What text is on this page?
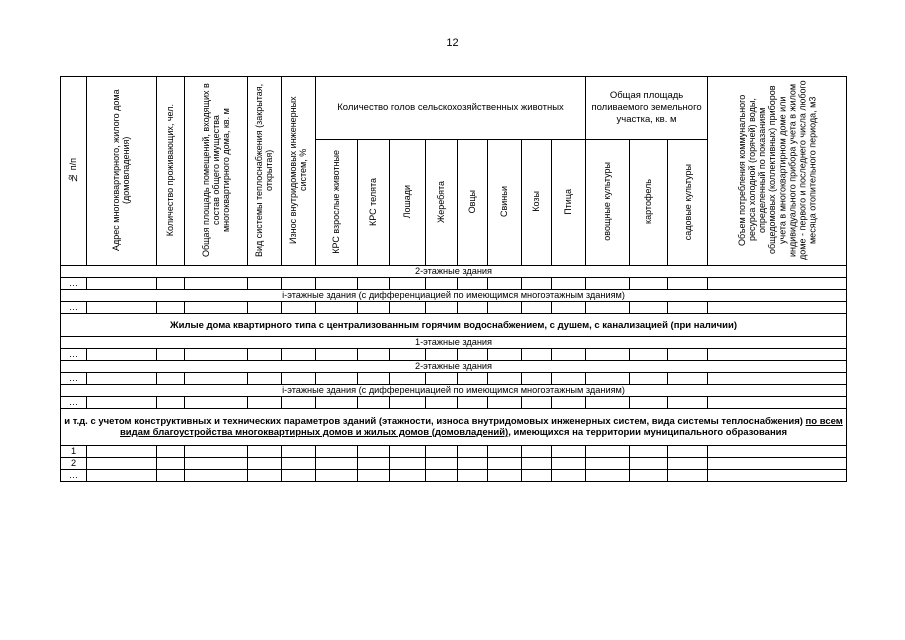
12
№ п/п	Адрес многоквартирного, жилого дома (домовладения)	Количество проживающих, чел.	Общая площадь помещений, входящих в состав общего имущества многоквартирного дома, кв. м	Вид системы теплоснабжения (закрытая, открытая)	Износ внутридомовых инженерных систем, %	Количество голов сельскохозяйственных животных								Общая площадь поливаемого земельного участка, кв. м			Объем потребления коммунального ресурса холодной (горячей) воды, определенный по показаниям общедомовых (коллективных) приборов учета в многоквартирном доме или индивидуального прибора учета в жилом доме - первого и последнего числа любого месяца отопительного периода, м3
						КРС взрослые животные	КРС телята	Лошади	Жеребята	Овцы	Свиньи	Козы	Птица	овощные культуры	картофель	садовые культуры	
2-этажные здания																	
…																	
i-этажные здания (с дифференциацией по имеющимся многоэтажным зданиям)																	
…																	
Жилые дома квартирного типа с централизованным горячим водоснабжением, с душем, с канализацией (при наличии)																	
1-этажные здания																	
…																	
2-этажные здания																	
…																	
i-этажные здания (с дифференциацией по имеющимся многоэтажным зданиям)																	
…																	
и т.д. с учетом конструктивных и технических параметров зданий (этажности, износа внутридомовых инженерных систем, вида системы теплоснабжения) по всем видам благоустройства многоквартирных домов и жилых домов (домовладений), имеющихся на территории муниципального образования																	
1																	
2																	
…																	
